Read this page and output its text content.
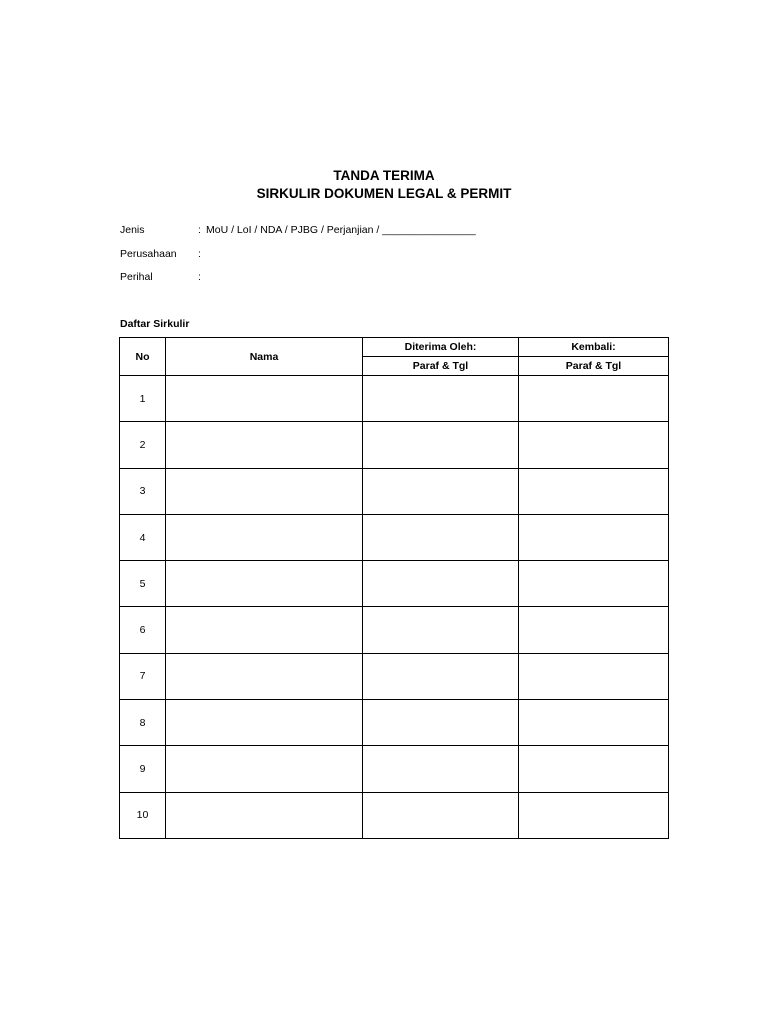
TANDA TERIMA
SIRKULIR DOKUMEN LEGAL & PERMIT
Jenis	: MoU / LoI / NDA / PJBG / Perjanjian / ________________
Perusahaan :
Perihal	:
Daftar Sirkulir
No	Nama	Diterima Oleh:	Kembali:
		Paraf & Tgl	Paraf & Tgl
1			
2			
3			
4			
5			
6			
7			
8			
9			
10			
